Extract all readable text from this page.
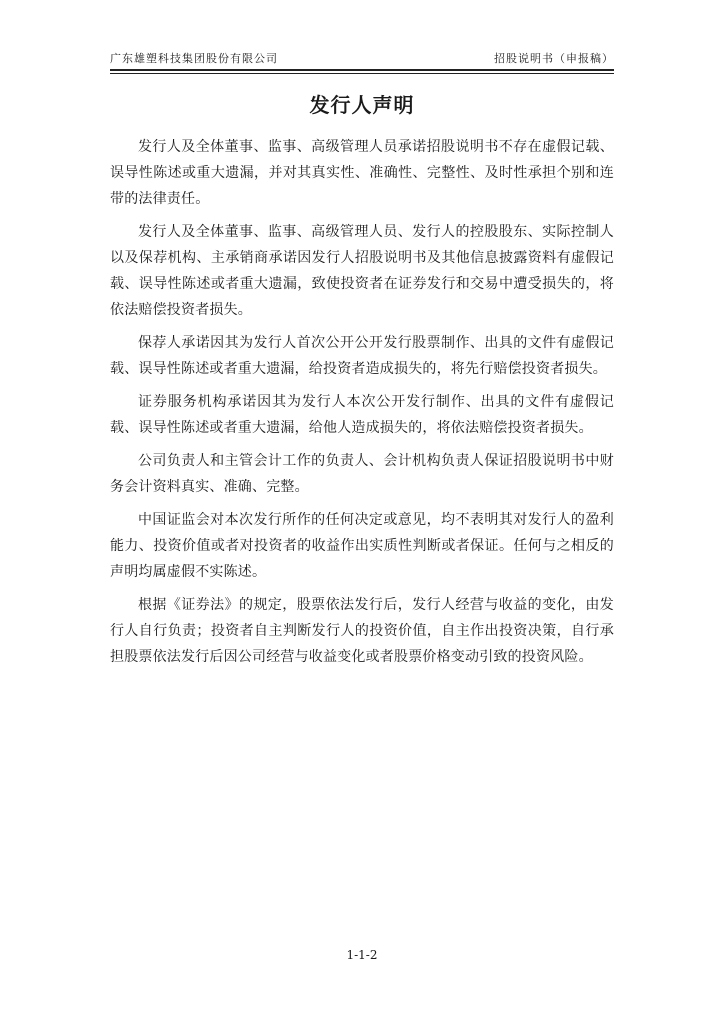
广东雄塑科技集团股份有限公司	招股说明书（申报稿）
发行人声明

发行人及全体董事、监事、高级管理人员承诺招股说明书不存在虚假记载、误导性陈述或重大遗漏，并对其真实性、准确性、完整性、及时性承担个别和连带的法律责任。

发行人及全体董事、监事、高级管理人员、发行人的控股股东、实际控制人以及保荐机构、主承销商承诺因发行人招股说明书及其他信息披露资料有虚假记载、误导性陈述或者重大遗漏，致使投资者在证券发行和交易中遭受损失的，将依法赔偿投资者损失。

保荐人承诺因其为发行人首次公开公开发行股票制作、出具的文件有虚假记载、误导性陈述或者重大遗漏，给投资者造成损失的，将先行赔偿投资者损失。

证券服务机构承诺因其为发行人本次公开发行制作、出具的文件有虚假记载、误导性陈述或者重大遗漏，给他人造成损失的，将依法赔偿投资者损失。

公司负责人和主管会计工作的负责人、会计机构负责人保证招股说明书中财务会计资料真实、准确、完整。

中国证监会对本次发行所作的任何决定或意见，均不表明其对发行人的盈利能力、投资价值或者对投资者的收益作出实质性判断或者保证。任何与之相反的声明均属虚假不实陈述。

根据《证券法》的规定，股票依法发行后，发行人经营与收益的变化，由发行人自行负责；投资者自主判断发行人的投资价值，自主作出投资决策，自行承担股票依法发行后因公司经营与收益变化或者股票价格变动引致的投资风险。

1-1-2
